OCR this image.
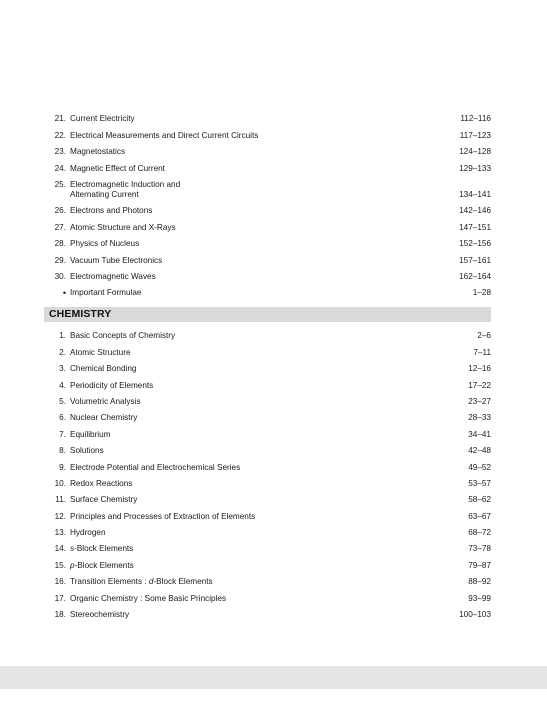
21. Current Electricity	112–116
22. Electrical Measurements and Direct Current Circuits	117–123
23. Magnetostatics	124–128
24. Magnetic Effect of Current	129–133
25. Electromagnetic Induction and
Alternating Current	134–141
26. Electrons and Photons	142–146
27. Atomic Structure and X-Rays	147–151
28. Physics of Nucleus	152–156
29. Vacuum Tube Electronics	157–161
30. Electromagnetic Waves	162–164
• Important Formulae	1–28
CHEMISTRY
1. Basic Concepts of Chemistry	2–6
2. Atomic Structure	7–11
3. Chemical Bonding	12–16
4. Periodicity of Elements	17–22
5. Volumetric Analysis	23–27
6. Nuclear Chemistry	28–33
7. Equilibrium	34–41
8. Solutions	42–48
9. Electrode Potential and Electrochemical Series	49–52
10. Redox Reactions	53–57
11. Surface Chemistry	58–62
12. Principles and Processes of Extraction of Elements	63–67
13. Hydrogen	68–72
14. s-Block Elements	73–78
15. p-Block Elements	79–87
16. Transition Elements : d-Block Elements	88–92
17. Organic Chemistry : Some Basic Principles	93–99
18. Stereochemistry	100–103
